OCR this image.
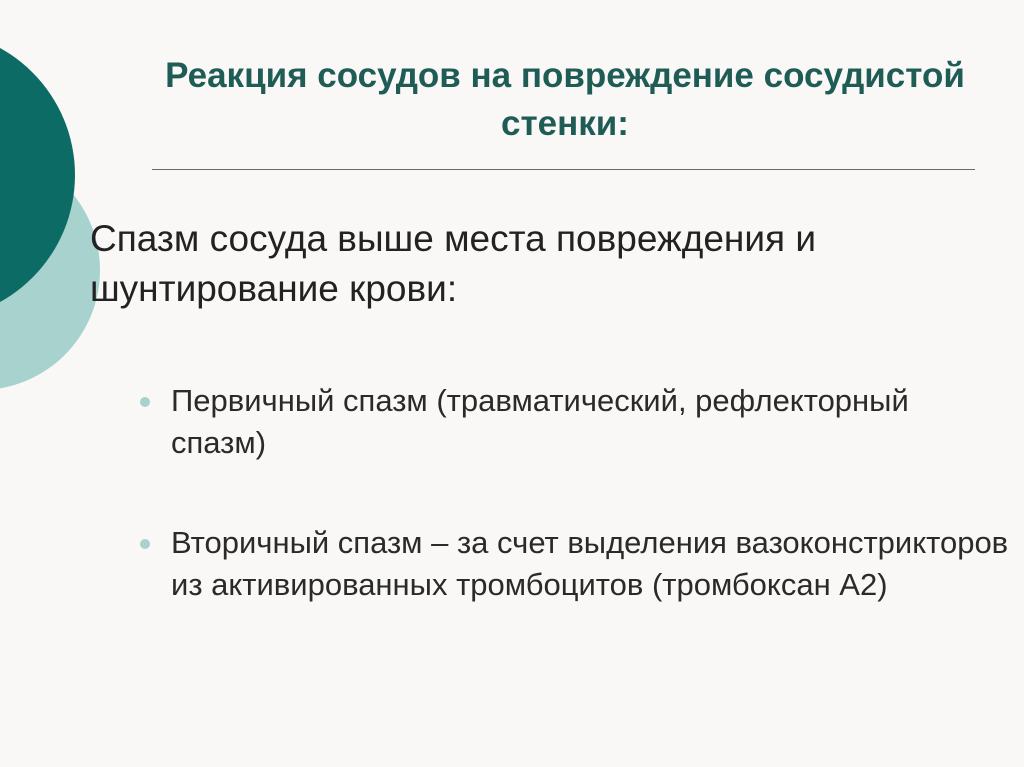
Реакция сосудов на повреждение сосудистой стенки:

Спазм сосуда выше места повреждения и шунтирование крови:

Первичный спазм (травматический, рефлекторный спазм)
Вторичный спазм – за счет выделения вазоконстрикторов из активированных тромбоцитов (тромбоксан А2)
